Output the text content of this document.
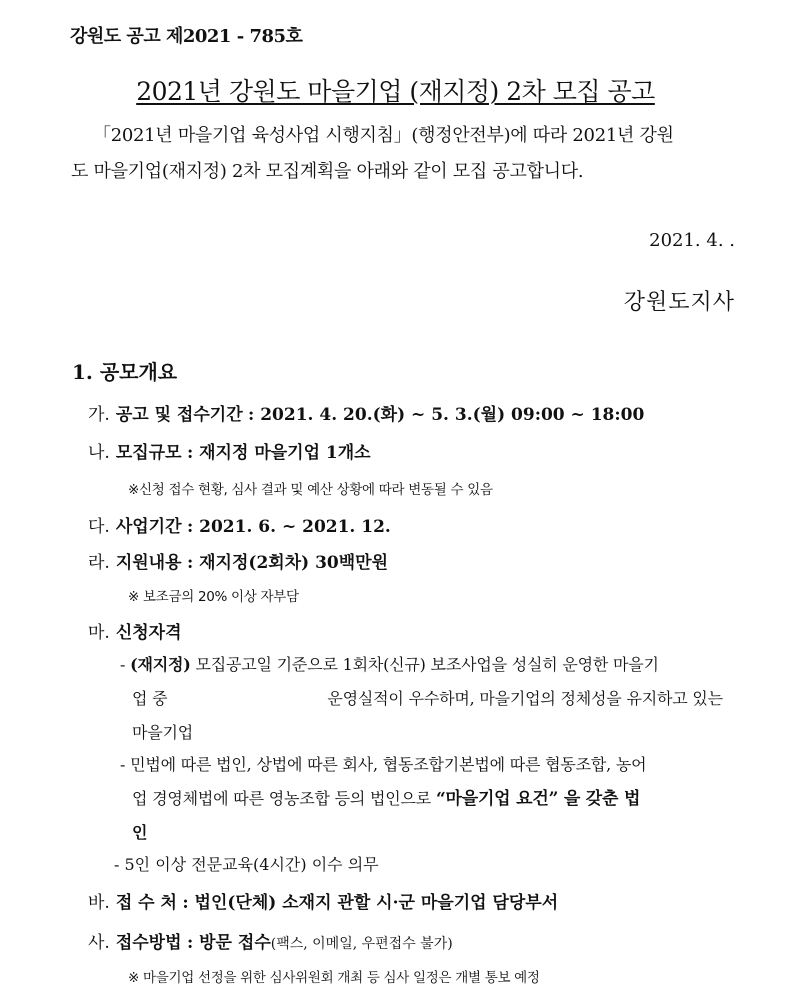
강원도 공고 제2021 - 785호
2021년 강원도 마을기업 (재지정) 2차 모집 공고
「2021년 마을기업 육성사업 시행지침」(행정안전부)에 따라 2021년 강원
도 마을기업(재지정) 2차 모집계획을 아래와 같이 모집 공고합니다.
2021. 4. .
강원도지사
1. 공모개요
가. 공고 및 접수기간 : 2021. 4. 20.(화) ~ 5. 3.(월) 09:00 ~ 18:00
나. 모집규모 : 재지정 마을기업 1개소
※신청 접수 현황, 심사 결과 및 예산 상황에 따라 변동될 수 있음
다. 사업기간 : 2021. 6. ~ 2021. 12.
라. 지원내용 : 재지정(2회차) 30백만원
※ 보조금의 20% 이상 자부담
마. 신청자격
- (재지정) 모집공고일 기준으로 1회차(신규) 보조사업을 성실히 운영한 마을기
업 중	운영실적이 우수하며, 마을기업의 정체성을 유지하고 있는
마을기업
- 민법에 따른 법인, 상법에 따른 회사, 협동조합기본법에 따른 협동조합, 농어
업 경영체법에 따른 영농조합 등의 법인으로 “마을기업 요건” 을 갖춘 법
인
- 5인 이상 전문교육(4시간) 이수 의무
바. 접 수 처 : 법인(단체) 소재지 관할 시·군 마을기업 담당부서
사. 접수방법 : 방문 접수(팩스, 이메일, 우편접수 불가)
※ 마을기업 선정을 위한 심사위원회 개최 등 심사 일정은 개별 통보 예정
